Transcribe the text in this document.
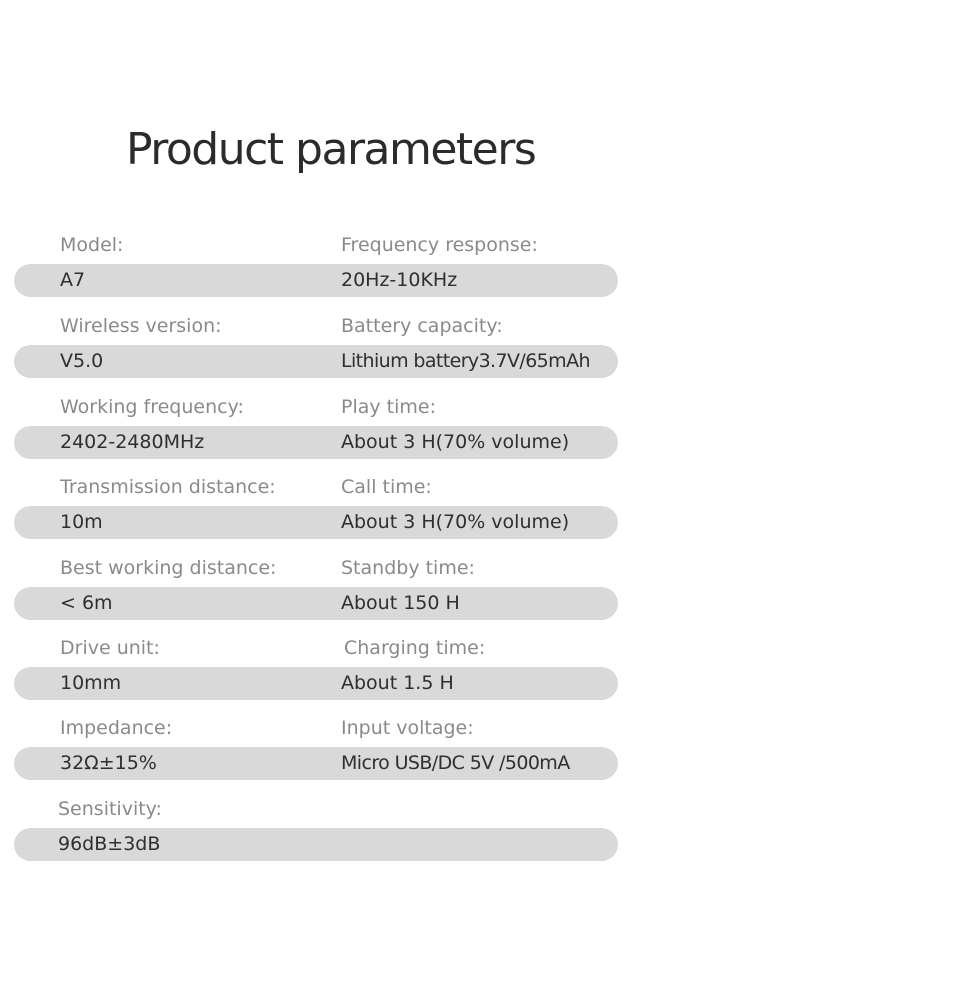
Product parameters
Model:
A7
Frequency response:
20Hz-10KHz
Wireless version:
V5.0
Battery capacity:
Lithium battery3.7V/65mAh
Working frequency:
2402-2480MHz
Play time:
About 3 H(70% volume)
Transmission distance:
10m
Call time:
About 3 H(70% volume)
Best working distance:
< 6m
Standby time:
About 150 H
Drive unit:
10mm
Charging time:
About 1.5 H
Impedance:
32Ω±15%
Input voltage:
Micro USB/DC 5V /500mA
Sensitivity:
96dB±3dB
